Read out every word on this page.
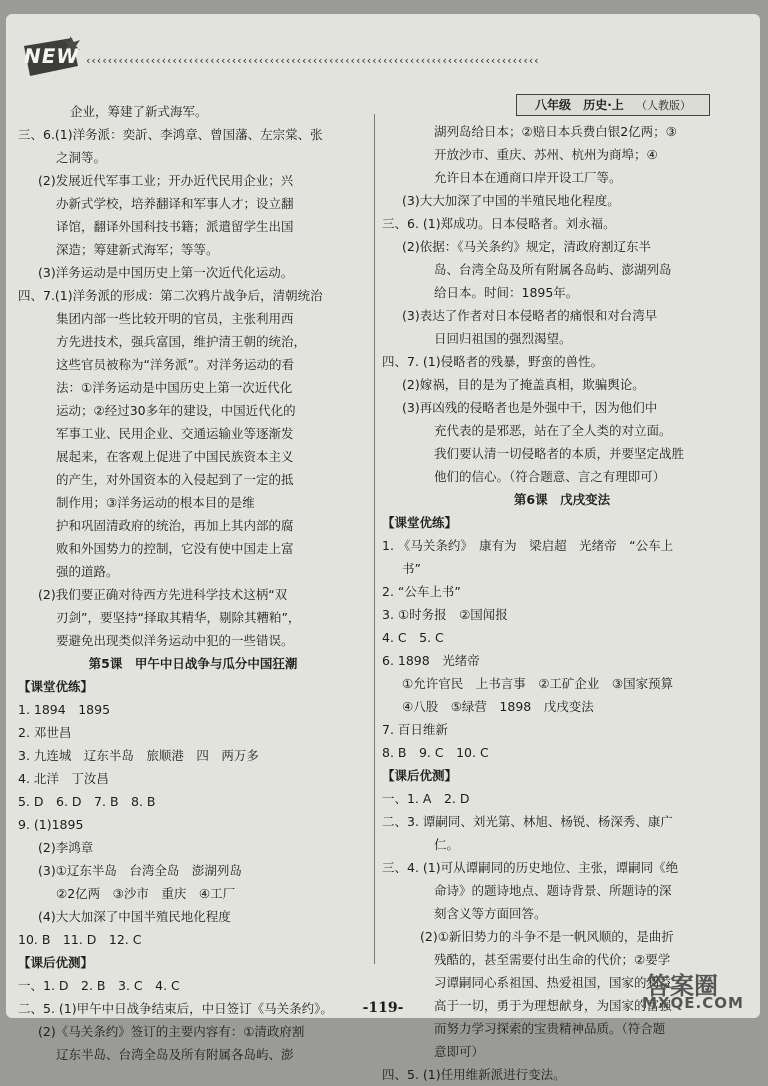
NEW ‹‹‹‹‹‹‹‹‹‹‹‹‹‹‹‹‹‹‹‹‹‹‹‹‹‹‹‹‹‹‹‹‹‹‹‹‹‹‹‹‹‹‹‹‹‹‹‹‹‹‹‹‹‹‹‹‹‹‹‹‹‹‹‹‹‹‹‹‹‹‹‹‹‹‹‹‹‹‹‹‹‹‹‹
八年级 历史·上 （人教版）
企业，筹建了新式海军。
三、6.(1)洋务派：奕訢、李鸿章、曾国藩、左宗棠、张
之洞等。
(2)发展近代军事工业；开办近代民用企业；兴
办新式学校，培养翻译和军事人才；设立翻
译馆，翻译外国科技书籍；派遣留学生出国
深造；筹建新式海军；等等。
(3)洋务运动是中国历史上第一次近代化运动。
四、7.(1)洋务派的形成：第二次鸦片战争后，清朝统治
集团内部一些比较开明的官员，主张利用西
方先进技术，强兵富国，维护清王朝的统治，
这些官员被称为“洋务派”。对洋务运动的看
法：①洋务运动是中国历史上第一次近代化
运动；②经过30多年的建设，中国近代化的
军事工业、民用企业、交通运输业等逐渐发
展起来，在客观上促进了中国民族资本主义
的产生，对外国资本的入侵起到了一定的抵
制作用；③洋务运动的根本目的是维
护和巩固清政府的统治，再加上其内部的腐
败和外国势力的控制，它没有使中国走上富
强的道路。
(2)我们要正确对待西方先进科学技术这柄“双
刃剑”，要坚持“择取其精华，剔除其糟粕”，
要避免出现类似洋务运动中犯的一些错误。
第5课　甲午中日战争与瓜分中国狂潮
【课堂优练】
1. 1894　1895
2. 邓世昌
3. 九连城　辽东半岛　旅顺港　四　两万多
4. 北洋　丁汝昌
5. D　6. D　7. B　8. B
9. (1)1895
(2)李鸿章
(3)①辽东半岛　台湾全岛　澎湖列岛
②2亿两　③沙市　重庆　④工厂
(4)大大加深了中国半殖民地化程度
10. B　11. D　12. C
【课后优测】
一、1. D　2. B　3. C　4. C
二、5. (1)甲午中日战争结束后，中日签订《马关条约》。
(2)《马关条约》签订的主要内容有：①清政府割
辽东半岛、台湾全岛及所有附属各岛屿、澎
湖列岛给日本；②赔日本兵费白银2亿两；③
开放沙市、重庆、苏州、杭州为商埠；④
允许日本在通商口岸开设工厂等。
(3)大大加深了中国的半殖民地化程度。
三、6. (1)郑成功。日本侵略者。刘永福。
(2)依据：《马关条约》规定，清政府割辽东半
岛、台湾全岛及所有附属各岛屿、澎湖列岛
给日本。时间：1895年。
(3)表达了作者对日本侵略者的痛恨和对台湾早
日回归祖国的强烈渴望。
四、7. (1)侵略者的残暴，野蛮的兽性。
(2)嫁祸，目的是为了掩盖真相，欺骗舆论。
(3)再凶残的侵略者也是外强中干，因为他们中
充代表的是邪恶，站在了全人类的对立面。
我们要认清一切侵略者的本质，并要坚定战胜
他们的信心。（符合题意、言之有理即可）
第6课　戊戌变法
【课堂优练】
1. 《马关条约》　康有为　梁启超　光绪帝　“公车上
书”
2. “公车上书”
3. ①时务报　②国闻报
4. C　5. C
6. 1898　光绪帝
①允许官民　上书言事　②工矿企业　③国家预算
④八股　⑤绿营　1898　戊戌变法
7. 百日维新
8. B　9. C　10. C
【课后优测】
一、1. A　2. D
二、3. 谭嗣同、刘光第、林旭、杨锐、杨深秀、康广
仁。
三、4. (1)可从谭嗣同的历史地位、主张，谭嗣同《绝
命诗》的题诗地点、题诗背景、所题诗的深
刻含义等方面回答。
(2)①新旧势力的斗争不是一帆风顺的，是曲折
残酷的，甚至需要付出生命的代价；②要学
习谭嗣同心系祖国、热爱祖国，国家的利益
高于一切，勇于为理想献身，为国家的富强
而努力学习探索的宝贵精神品质。（符合题
意即可）
四、5. (1)任用维新派进行变法。
-119-
答案圈
MXQE.COM
